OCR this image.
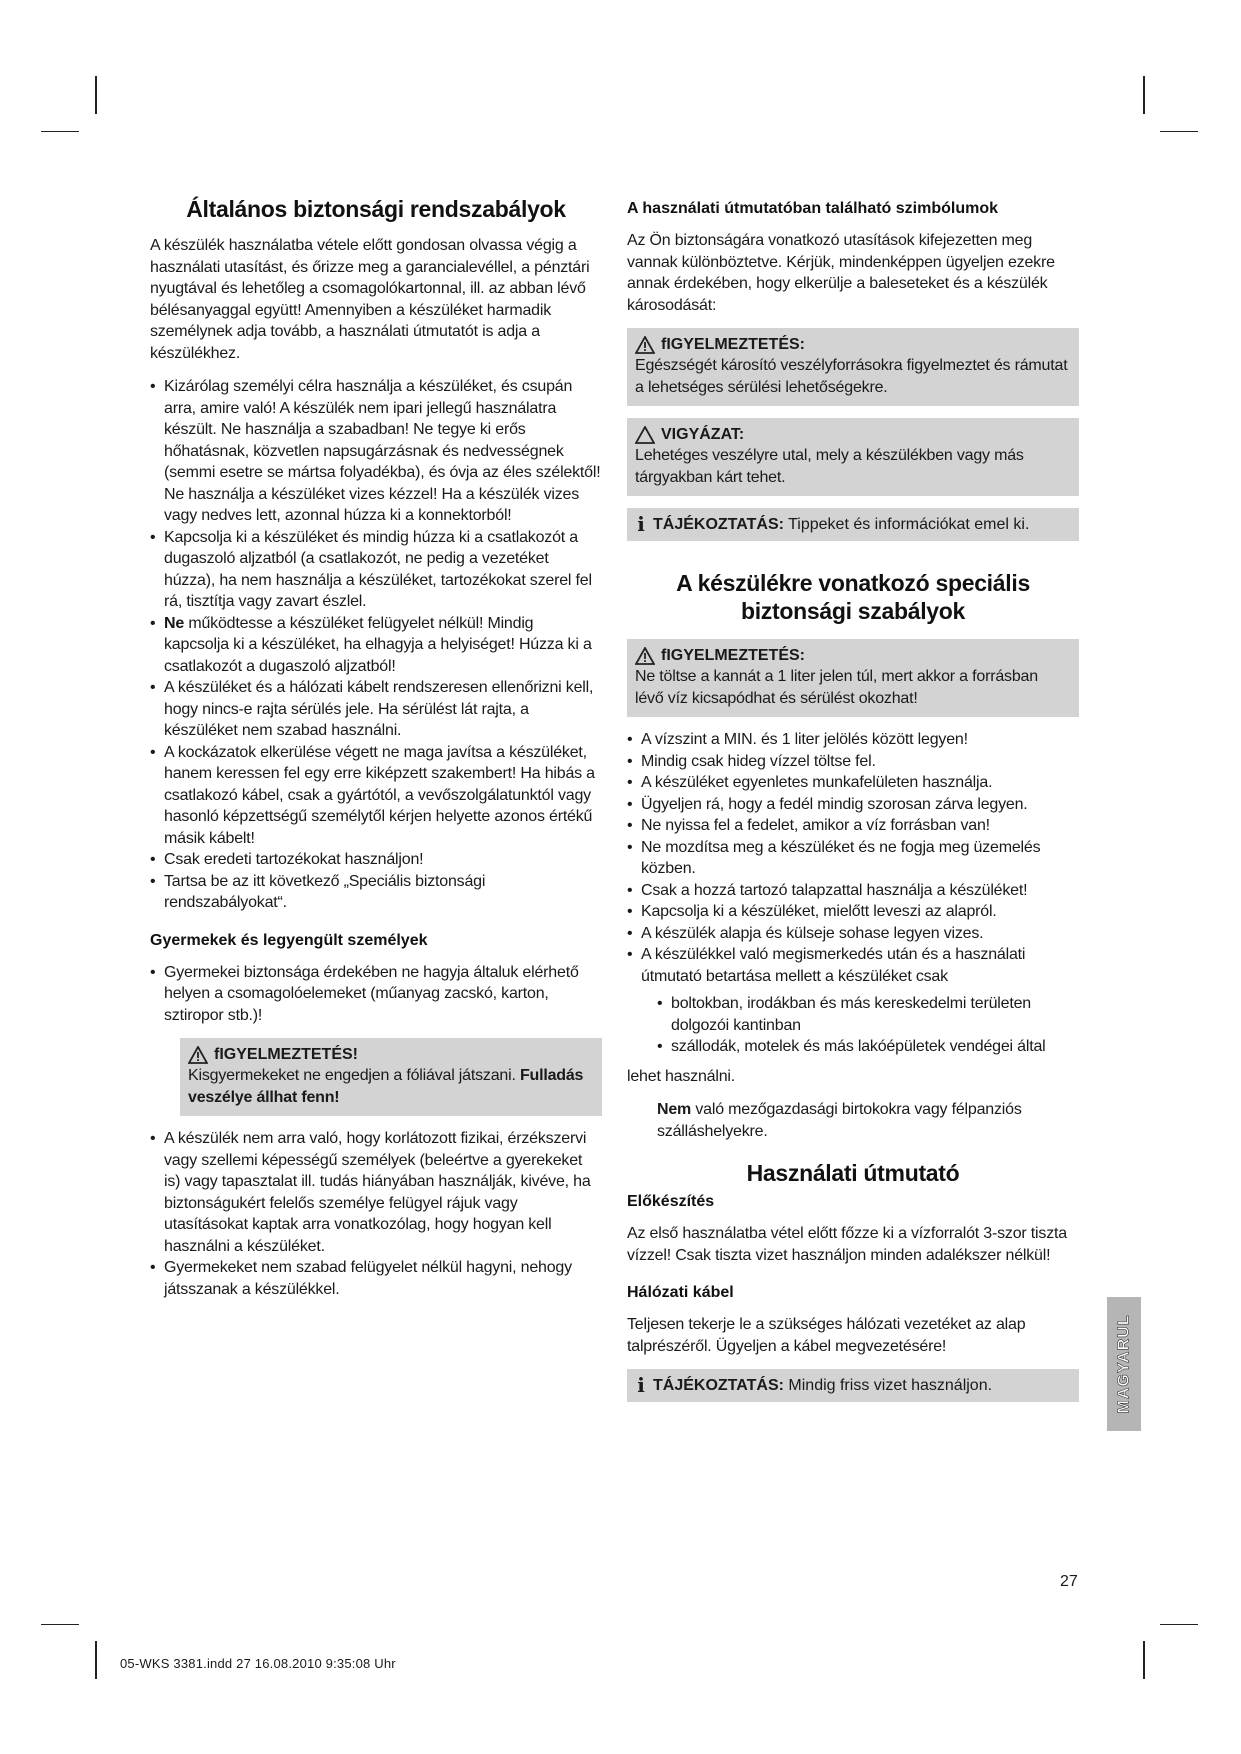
Általános biztonsági rendszabályok

A készülék használatba vétele előtt gondosan olvassa végig a használati utasítást, és őrizze meg a garancialevéllel, a pénztári nyugtával és lehetőleg a csomagolókartonnal, ill. az abban lévő bélésanyaggal együtt! Amennyiben a készüléket harmadik személynek adja tovább, a használati útmutatót is adja a készülékhez.

• Kizárólag személyi célra használja a készüléket, és csupán arra, amire való! A készülék nem ipari jellegű használatra készült. Ne használja a szabadban! Ne tegye ki erős hőhatásnak, közvetlen napsugárzásnak és nedvességnek (semmi esetre se mártsa folyadékba), és óvja az éles szélektől! Ne használja a készüléket vizes kézzel! Ha a készülék vizes vagy nedves lett, azonnal húzza ki a konnektorból!
• Kapcsolja ki a készüléket és mindig húzza ki a csatlakozót a dugaszoló aljzatból (a csatlakozót, ne pedig a vezetéket húzza), ha nem használja a készüléket, tartozékokat szerel fel rá, tisztítja vagy zavart észlel.
• Ne működtesse a készüléket felügyelet nélkül! Mindig kapcsolja ki a készüléket, ha elhagyja a helyiséget! Húzza ki a csatlakozót a dugaszoló aljzatból!
• A készüléket és a hálózati kábelt rendszeresen ellenőrizni kell, hogy nincs-e rajta sérülés jele. Ha sérülést lát rajta, a készüléket nem szabad használni.
• A kockázatok elkerülése végett ne maga javítsa a készüléket, hanem keressen fel egy erre kiképzett szakembert! Ha hibás a csatlakozó kábel, csak a gyártótól, a vevőszolgálatunktól vagy hasonló képzettségű személytől kérjen helyette azonos értékű másik kábelt!
• Csak eredeti tartozékokat használjon!
• Tartsa be az itt következő „Speciális biztonsági rendszabályokat“.
Gyermekek és legyengült személyek
• Gyermekei biztonsága érdekében ne hagyja általuk elérhető helyen a csomagolóelemeket (műanyag zacskó, karton, sztiropor stb.)!
fIGYELMEZTETÉS!
Kisgyermekeket ne engedjen a fóliával játszani. Fulladás veszélye állhat fenn!
• A készülék nem arra való, hogy korlátozott fizikai, érzékszervi vagy szellemi képességű személyek (beleértve a gyerekeket is) vagy tapasztalat ill. tudás hiányában használják, kivéve, ha biztonságukért felelős személye felügyel rájuk vagy utasításokat kaptak arra vonatkozólag, hogy hogyan kell használni a készüléket.
• Gyermekeket nem szabad felügyelet nélkül hagyni, nehogy játsszanak a készülékkel.
A használati útmutatóban található szimbólumok

Az Ön biztonságára vonatkozó utasítások kifejezetten meg vannak különböztetve. Kérjük, mindenképpen ügyeljen ezekre annak érdekében, hogy elkerülje a baleseteket és a készülék károsodását:

fIGYELMEZTETÉS:
Egészségét károsító veszélyforrásokra figyelmeztet és rámutat a lehetséges sérülési lehetőségekre.
VIGYÁZAT:
Lehetéges veszélyre utal, mely a készülékben vagy más tárgyakban kárt tehet.
i TÁJÉKOZTATÁS: Tippeket és információkat emel ki.
A készülékre vonatkozó speciális
biztonsági szabályok
fIGYELMEZTETÉS:
Ne töltse a kannát a 1 liter jelen túl, mert akkor a forrásban lévő víz kicsapódhat és sérülést okozhat!
• A vízszint a MIN. és 1 liter jelölés között legyen!
• Mindig csak hideg vízzel töltse fel.
• A készüléket egyenletes munkafelületen használja.
• Ügyeljen rá, hogy a fedél mindig szorosan zárva legyen.
• Ne nyissa fel a fedelet, amikor a víz forrásban van!
• Ne mozdítsa meg a készüléket és ne fogja meg üzemelés közben.
• Csak a hozzá tartozó talapzattal használja a készüléket!
• Kapcsolja ki a készüléket, mielőtt leveszi az alapról.
• A készülék alapja és külseje sohase legyen vizes.
• A készülékkel való megismerkedés után és a használati útmutató betartása mellett a készüléket csak
• boltokban, irodákban és más kereskedelmi területen dolgozói kantinban
• szállodák, motelek és más lakóépületek vendégei által

lehet használni.

Nem való mezőgazdasági birtokokra vagy félpanziós szálláshelyekre.

Használati útmutató
Előkészítés

Az első használatba vétel előtt főzze ki a vízforralót 3-szor tiszta vízzel! Csak tiszta vizet használjon minden adalékszer nélkül!

Hálózati kábel

Teljesen tekerje le a szükséges hálózati vezetéket az alap talprészéről. Ügyeljen a kábel megvezetésére!

i TÁJÉKOZTATÁS: Mindig friss vizet használjon.	MAGYARUL
27
05-WKS 3381.indd 27 16.08.2010 9:35:08 Uhr
